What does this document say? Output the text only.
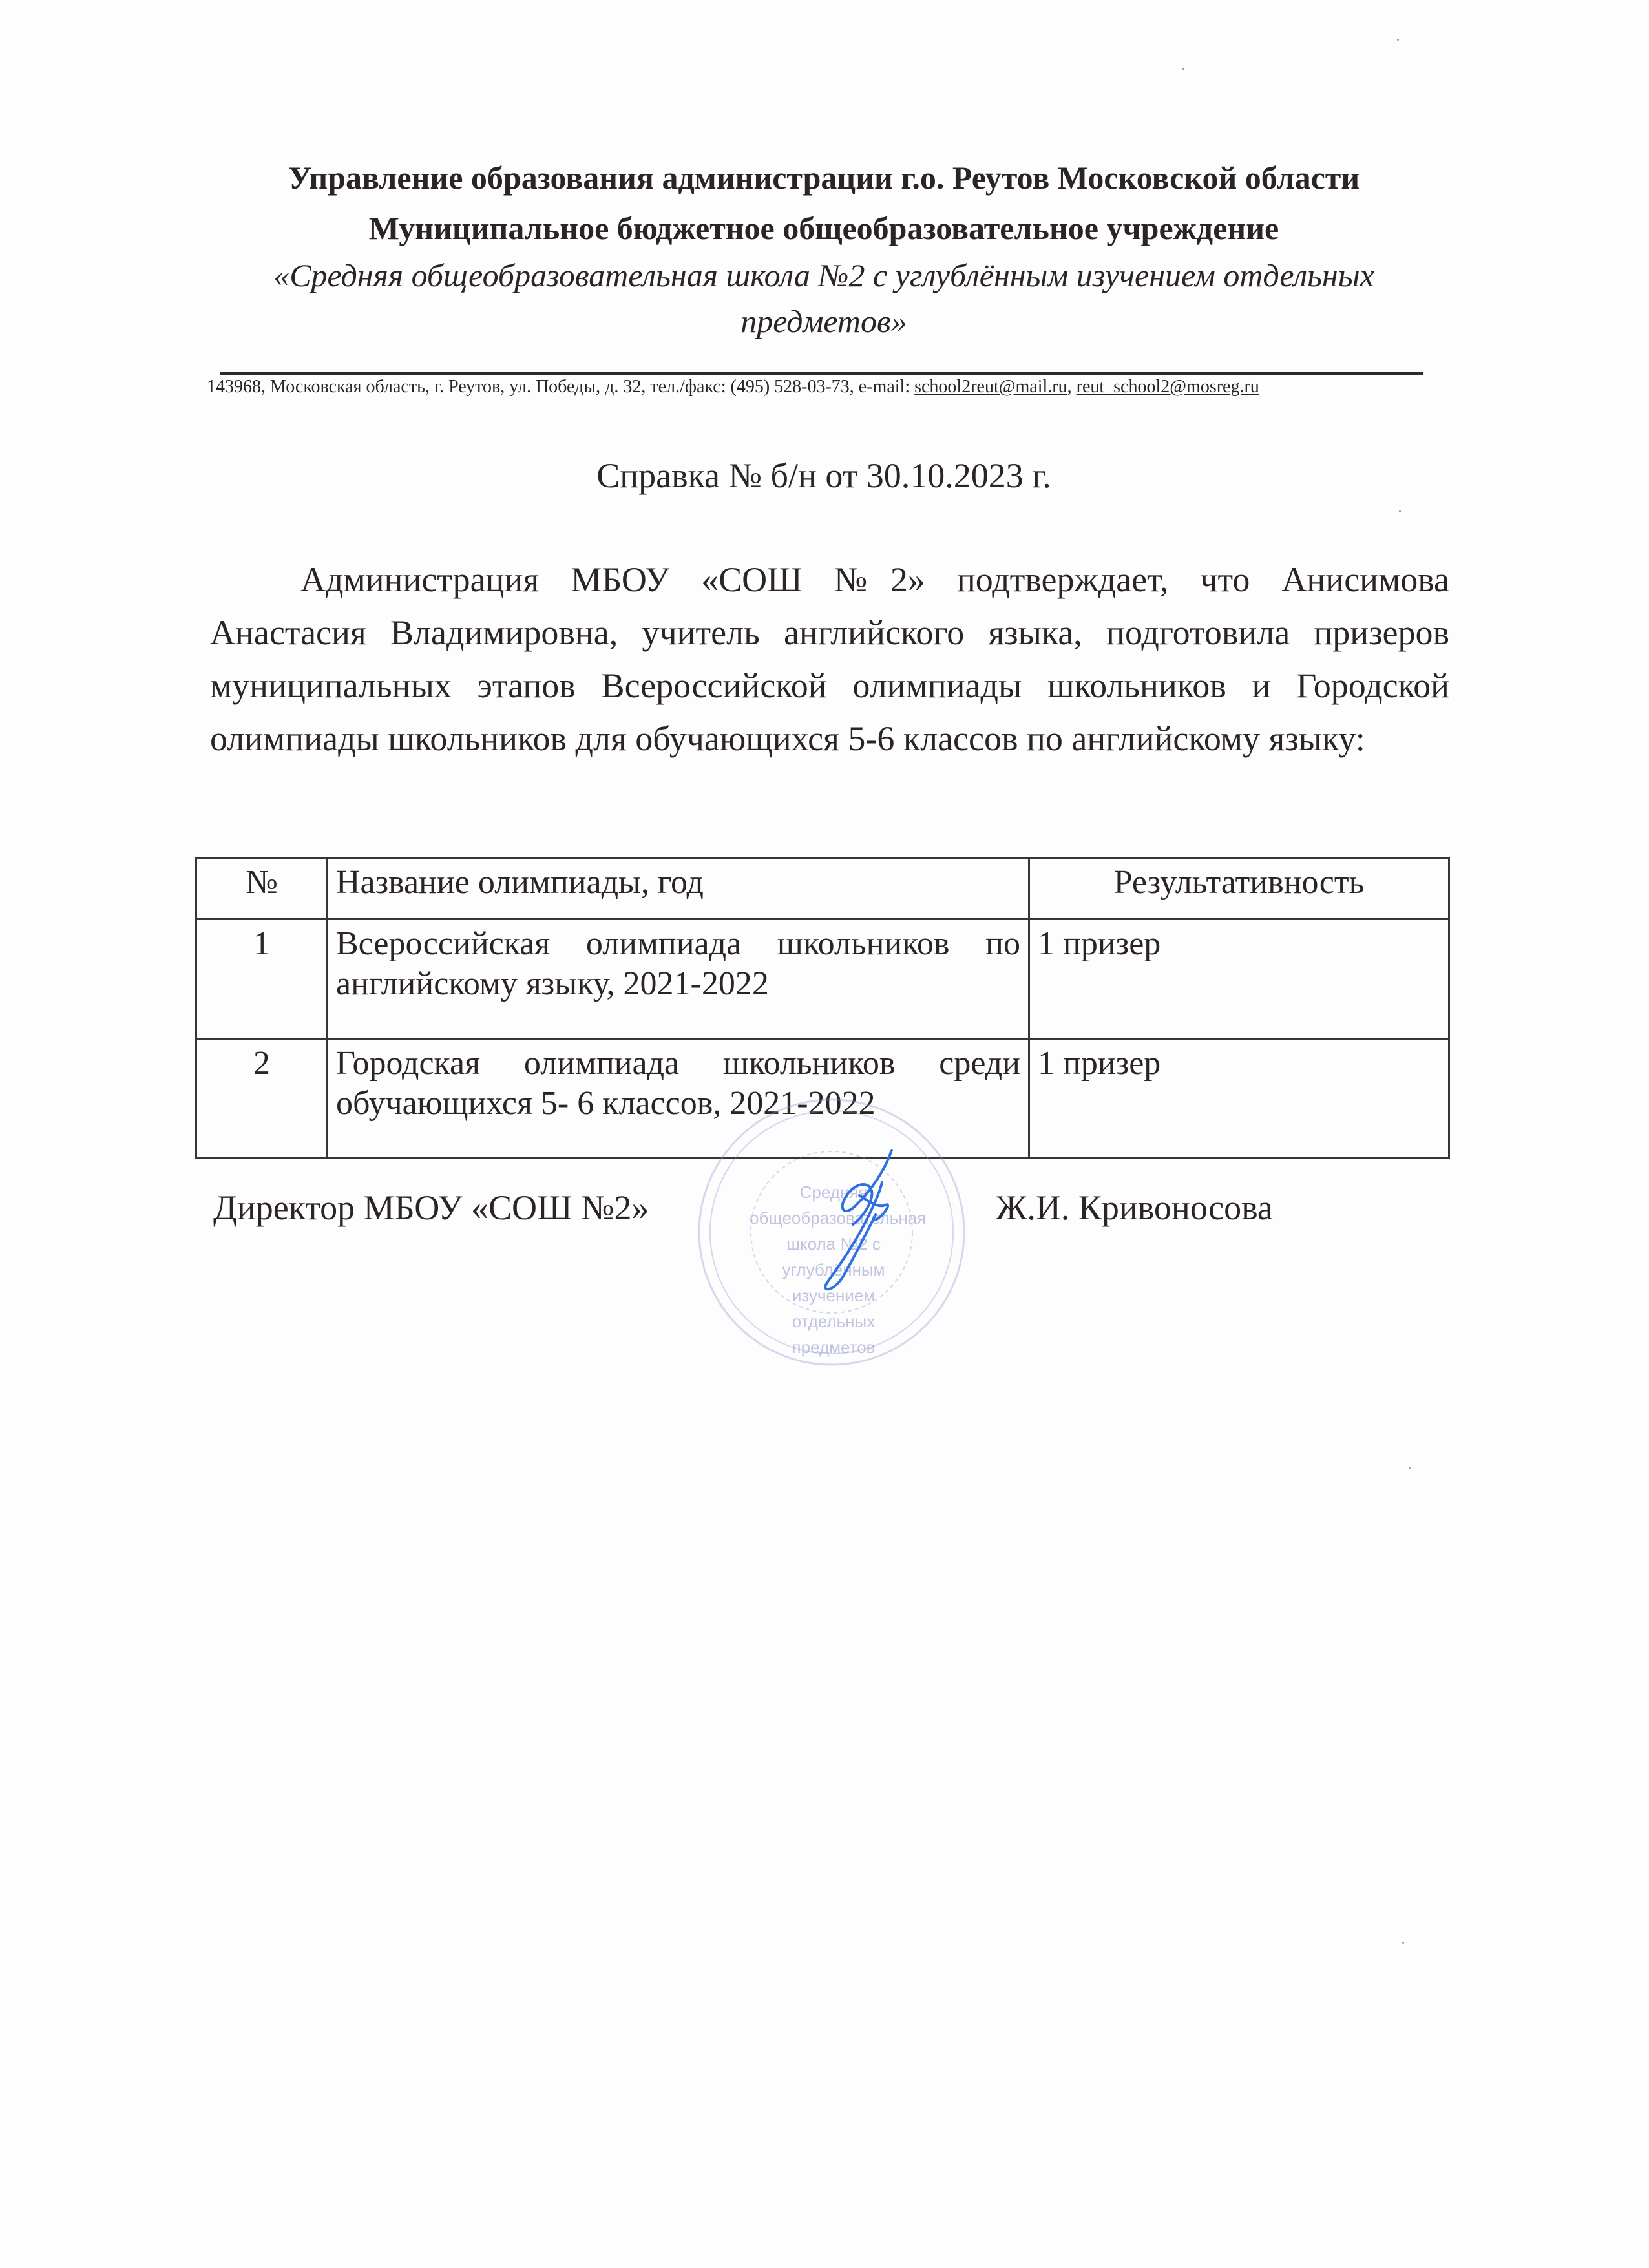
Управление образования администрации г.о. Реутов Московской области
Муниципальное бюджетное общеобразовательное учреждение
«Средняя общеобразовательная школа №2 с углублённым изучением отдельных
предметов»
143968, Московская область, г. Реутов, ул. Победы, д. 32, тел./факс: (495) 528-03-73, e-mail: school2reut@mail.ru, reut_school2@mosreg.ru
Справка № б/н от 30.10.2023 г.
Администрация МБОУ «СОШ №2» подтверждает, что Анисимова Анастасия Владимировна, учитель английского языка, подготовила призеров муниципальных этапов Всероссийской олимпиады школьников и Городской олимпиады школьников для обучающихся 5-6 классов по английскому языку:
№	Название олимпиады, год	Результативность
1	Всероссийская олимпиада школьников по английскому языку, 2021-2022	1 призер
2	Городская олимпиада школьников среди обучающихся 5- 6 классов, 2021-2022	1 призер
Директор МБОУ «СОШ №2»	Средняя общеобразовательная школа №2 с углублённым изучением отдельных предметов
Ж.И. Кривоносова
